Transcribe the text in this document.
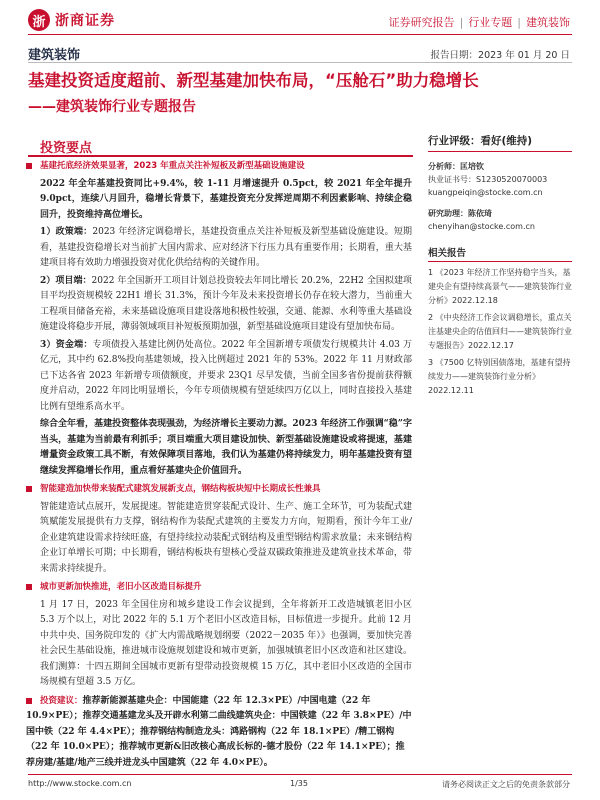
浙 浙商证券	证券研究报告 | 行业专题 | 建筑装饰
建筑装饰	报告日期：2023 年 01 月 20 日
基建投资适度超前、新型基建加快布局，“压舱石”助力稳增长
——建筑装饰行业专题报告
投资要点
基建托底经济效果显著，2023 年重点关注补短板及新型基础设施建设

2022 年全年基建投资同比+9.4%，较 1-11 月增速提升 0.5pct，较 2021 年全年提升 9.0pct，连续八月回升，稳增长背景下，基建投资充分发挥逆周期不利因素影响、持续企稳回升，投资维持高位增长。

1）政策端：2023 年经济定调稳增长，基建投资重点关注补短板及新型基础设施建设。短期看，基建投资稳增长对当前扩大国内需求、应对经济下行压力具有重要作用；长期看，重大基建项目将有效助力增强投资对优化供给结构的关键作用。

2）项目端：2022 年全国新开工项目计划总投资较去年同比增长 20.2%，22H2 全国拟建项目平均投资规模较 22H1 增长 31.3%，预计今年及未来投资增长仍存在较大潜力，当前重大工程项目储备充裕，未来基础设施项目建设落地积极性较强，交通、能源、水利等重大基础设施建设将稳步开展，薄弱领域项目补短板预期加强，新型基础设施项目建设有望加快布局。

3）资金端：专项债投入基建比例仍处高位。2022 年全国新增专项债发行规模共计 4.03 万亿元，其中约 62.8%投向基建领域，投入比例超过 2021 年的 53%。2022 年 11 月财政部已下达各省 2023 年新增专项债额度，并要求 23Q1 尽早发债，当前全国多省份提前获得额度并启动，2022 年同比明显增长，今年专项债规模有望延续四万亿以上，同时直接投入基建比例有望维系高水平。

综合全年看，基建投资整体表现强劲，为经济增长主要动力源。2023 年经济工作强调“稳”字当头，基建为当前最有利抓手；项目端重大项目建设加快、新型基础设施建设或将提速，基建增量资金政策工具不断，有效保障项目落地，我们认为基建仍将持续发力，明年基建投资有望继续发挥稳增长作用，重点看好基建央企价值回升。

智能建造加快带来装配式建筑发展新支点，钢结构板块短中长期成长性兼具

智能建造试点展开，发展提速。智能建造贯穿装配式设计、生产、施工全环节，可为装配式建筑赋能发展提供有力支撑，钢结构作为装配式建筑的主要发力方向，短期看，预计今年工业/企业建筑建设需求持续旺盛，有望持续拉动装配式钢结构及重型钢结构需求放量；未来钢结构企业订单增长可期；中长期看，钢结构板块有望核心受益双碳政策推进及建筑业技术革命，带来需求持续提升。

城市更新加快推进，老旧小区改造目标提升

1 月 17 日，2023 年全国住房和城乡建设工作会议提到，全年将新开工改造城镇老旧小区 5.3 万个以上，对比 2022 年的 5.1 万个老旧小区改造目标，目标值进一步提升。此前 12 月中共中央、国务院印发的《扩大内需战略规划纲要（2022－2035 年）》也强调，要加快完善社会民生基础设施，推进城市设施规划建设和城市更新，加强城镇老旧小区改造和社区建设。我们测算：十四五期间全国城市更新有望带动投资规模 15 万亿，其中老旧小区改造的全国市场规模有望超 3.5 万亿。

投资建议：推荐新能源基建央企：中国能建（22 年 12.3×PE）/中国电建（22 年 10.9×PE）；推荐交通基建龙头及开辟水利第二曲线建筑央企：中国铁建（22 年 3.8×PE）/中国中铁（22 年 4.4×PE）；推荐钢结构制造龙头：鸿路钢构（22 年 18.1×PE）/精工钢构（22 年 10.0×PE）；推荐城市更新&旧改核心高成长标的-德才股份（22 年 14.1×PE）；推荐房建/基建/地产三线并进龙头中国建筑（22 年 4.0×PE）。
行业评级：看好(维持)
分析师：匡培钦
执业证书号：S1230520070003
kuangpeiqin@stocke.com.cn
研究助理：陈依琦
chenyihan@stocke.com.cn
相关报告
1 《2023 年经济工作坚持稳字当头，基建央企有望持续高景气——建筑装饰行业分析》2022.12.18
2 《中央经济工作会议调稳增长，重点关注基建央企的估值回归——建筑装饰行业专题报告》2022.12.17
3 《7500 亿特别国债落地，基建有望持续发力——建筑装饰行业分析》2022.12.11
http://www.stocke.com.cn	1/35	请务必阅读正文之后的免责条款部分
